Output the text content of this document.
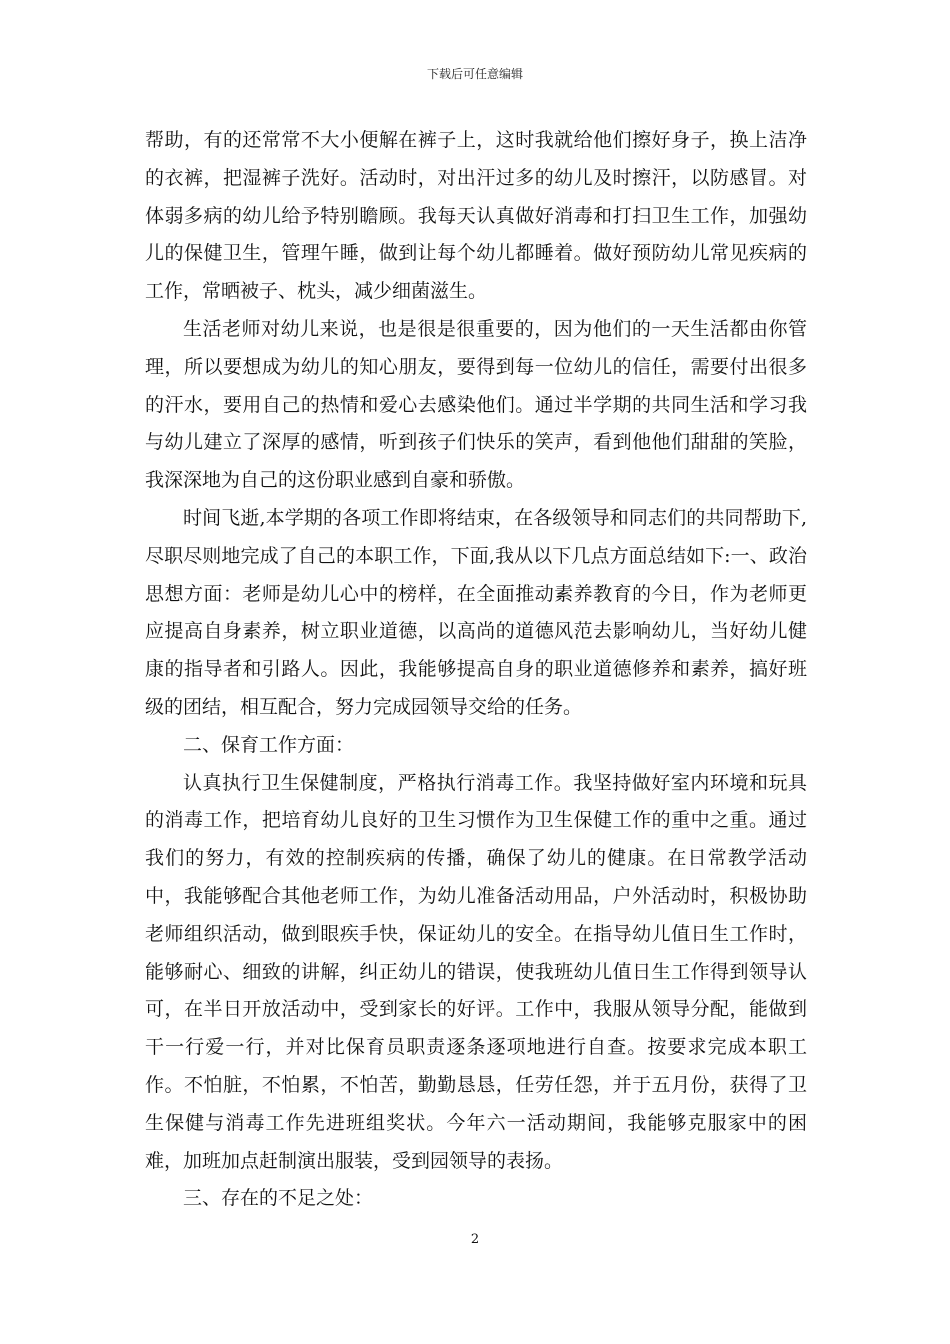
下载后可任意编辑

帮助，有的还常常不大小便解在裤子上，这时我就给他们擦好身子，换上洁净的衣裤，把湿裤子洗好。活动时，对出汗过多的幼儿及时擦汗，以防感冒。对体弱多病的幼儿给予特别瞻顾。我每天认真做好消毒和打扫卫生工作，加强幼儿的保健卫生，管理午睡，做到让每个幼儿都睡着。做好预防幼儿常见疾病的工作，常晒被子、枕头，减少细菌滋生。

生活老师对幼儿来说，也是很是很重要的，因为他们的一天生活都由你管理，所以要想成为幼儿的知心朋友，要得到每一位幼儿的信任，需要付出很多的汗水，要用自己的热情和爱心去感染他们。通过半学期的共同生活和学习我与幼儿建立了深厚的感情，听到孩子们快乐的笑声，看到他他们甜甜的笑脸，我深深地为自己的这份职业感到自豪和骄傲。

时间飞逝,本学期的各项工作即将结束，在各级领导和同志们的共同帮助下,尽职尽则地完成了自己的本职工作，下面,我从以下几点方面总结如下:一、政治思想方面：老师是幼儿心中的榜样，在全面推动素养教育的今日，作为老师更应提高自身素养，树立职业道德，以高尚的道德风范去影响幼儿，当好幼儿健康的指导者和引路人。因此，我能够提高自身的职业道德修养和素养，搞好班级的团结，相互配合，努力完成园领导交给的任务。

二、保育工作方面：

认真执行卫生保健制度，严格执行消毒工作。我坚持做好室内环境和玩具的消毒工作，把培育幼儿良好的卫生习惯作为卫生保健工作的重中之重。通过我们的努力，有效的控制疾病的传播，确保了幼儿的健康。在日常教学活动中，我能够配合其他老师工作，为幼儿准备活动用品，户外活动时，积极协助老师组织活动，做到眼疾手快，保证幼儿的安全。在指导幼儿值日生工作时，能够耐心、细致的讲解，纠正幼儿的错误，使我班幼儿值日生工作得到领导认可，在半日开放活动中，受到家长的好评。工作中，我服从领导分配，能做到干一行爱一行，并对比保育员职责逐条逐项地进行自查。按要求完成本职工作。不怕脏，不怕累，不怕苦，勤勤恳恳，任劳任怨，并于五月份，获得了卫生保健与消毒工作先进班组奖状。今年六一活动期间，我能够克服家中的困难，加班加点赶制演出服装，受到园领导的表扬。

三、存在的不足之处：

2
